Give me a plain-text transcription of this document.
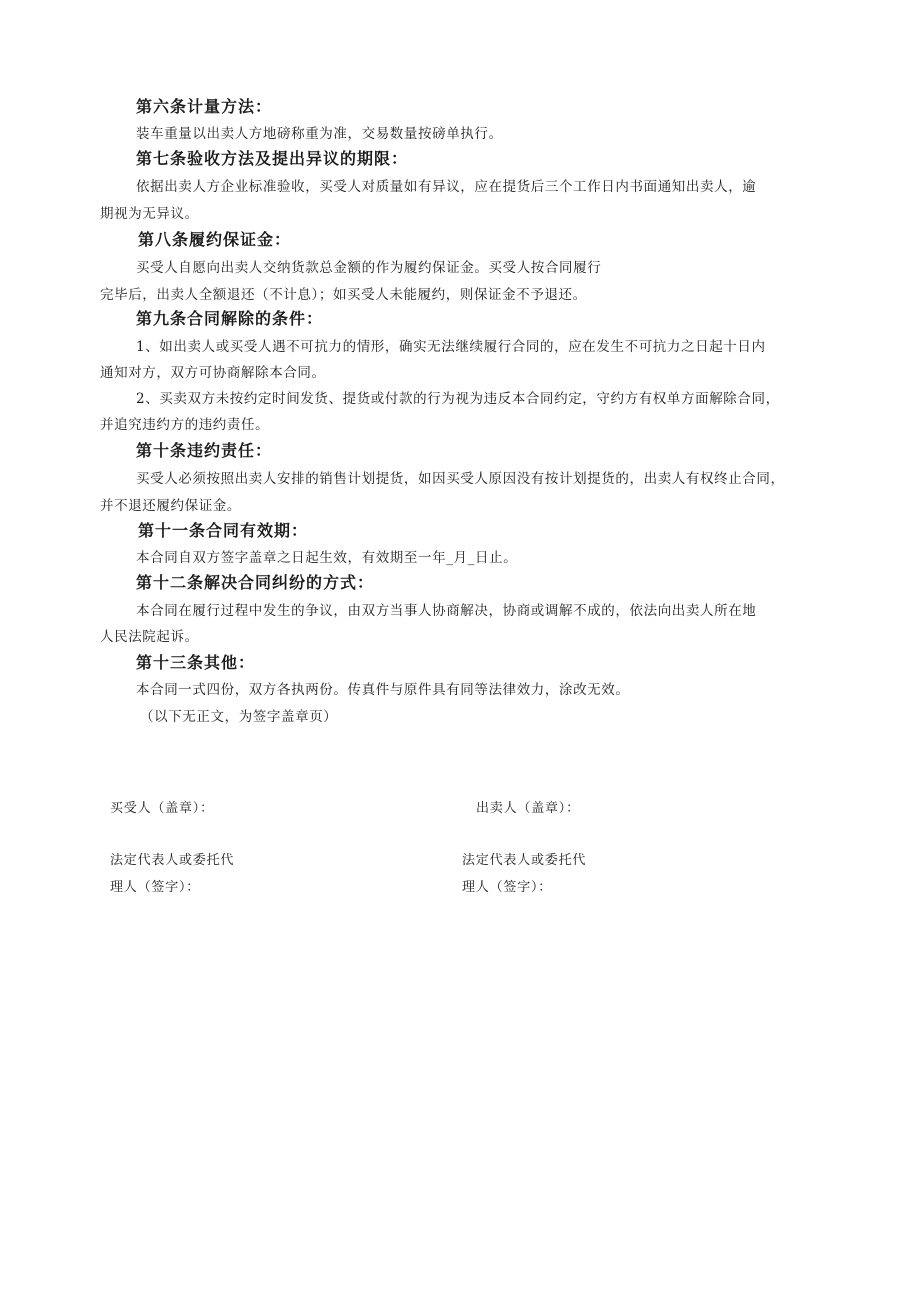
第六条计量方法：
装车重量以出卖人方地磅称重为准，交易数量按磅单执行。
第七条验收方法及提出异议的期限：
依据出卖人方企业标准验收，买受人对质量如有异议，应在提货后三个工作日内书面通知出卖人，逾
期视为无异议。
第八条履约保证金：
买受人自愿向出卖人交纳货款总金额的作为履约保证金。买受人按合同履行
完毕后，出卖人全额退还（不计息）；如买受人未能履约，则保证金不予退还。
第九条合同解除的条件：
1、如出卖人或买受人遇不可抗力的情形，确实无法继续履行合同的，应在发生不可抗力之日起十日内
通知对方，双方可协商解除本合同。
2、买卖双方未按约定时间发货、提货或付款的行为视为违反本合同约定，守约方有权单方面解除合同，
并追究违约方的违约责任。
第十条违约责任：
买受人必须按照出卖人安排的销售计划提货，如因买受人原因没有按计划提货的，出卖人有权终止合同，
并不退还履约保证金。
第十一条合同有效期：
本合同自双方签字盖章之日起生效，有效期至一年_月_日止。
第十二条解决合同纠纷的方式：
本合同在履行过程中发生的争议，由双方当事人协商解决，协商或调解不成的，依法向出卖人所在地
人民法院起诉。
第十三条其他：
本合同一式四份，双方各执两份。传真件与原件具有同等法律效力，涂改无效。
（以下无正文，为签字盖章页）
买受人（盖章）：	出卖人（盖章）：
法定代表人或委托代
理人（签字）：
法定代表人或委托代
理人（签字）：
